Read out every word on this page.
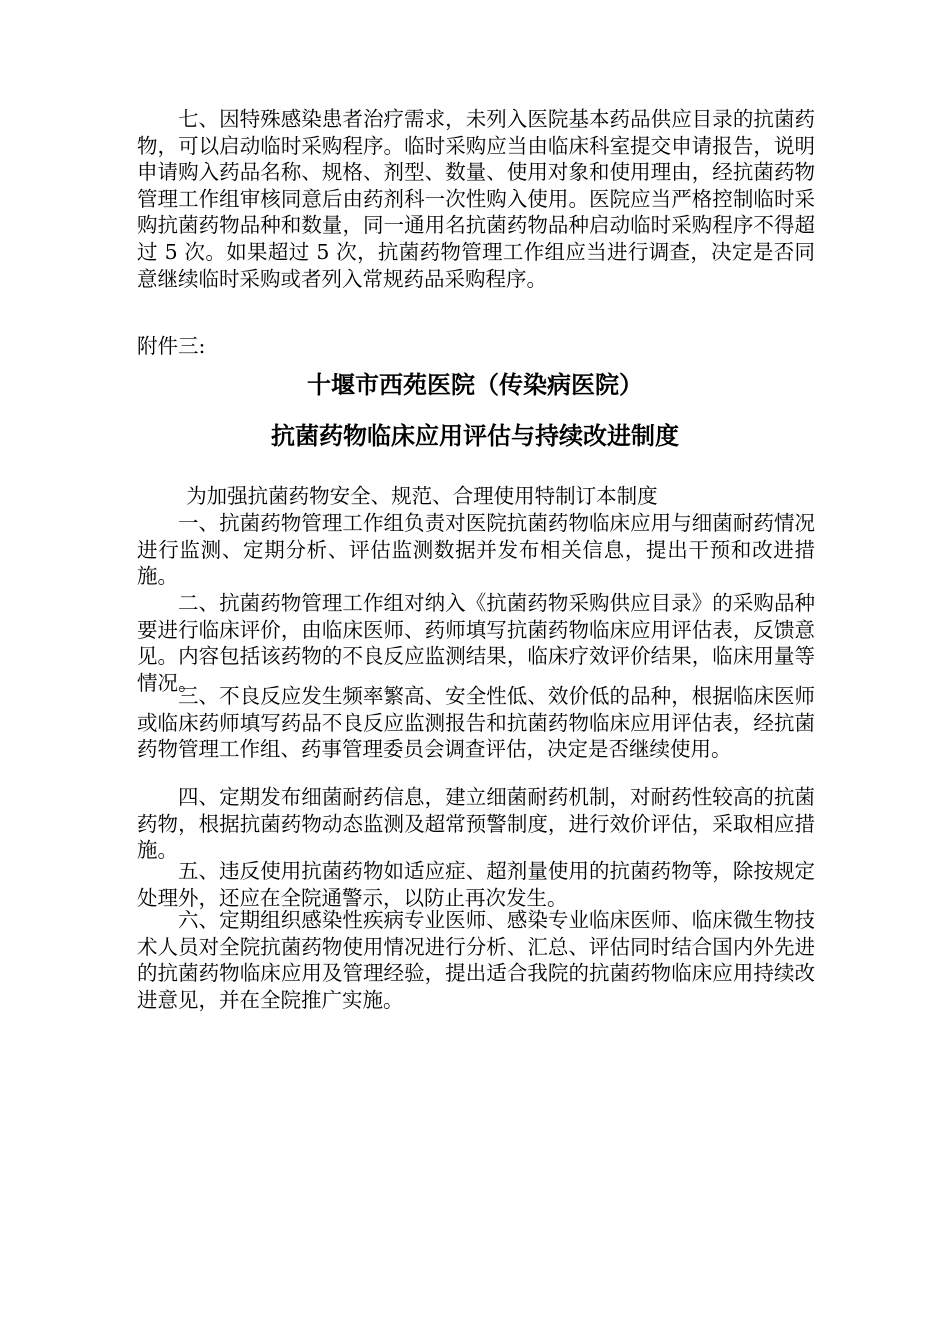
七、因特殊感染患者治疗需求，未列入医院基本药品供应目录的抗菌药物，可以启动临时采购程序。临时采购应当由临床科室提交申请报告，说明申请购入药品名称、规格、剂型、数量、使用对象和使用理由，经抗菌药物管理工作组审核同意后由药剂科一次性购入使用。医院应当严格控制临时采购抗菌药物品种和数量，同一通用名抗菌药物品种启动临时采购程序不得超过 5 次。如果超过 5 次，抗菌药物管理工作组应当进行调查，决定是否同意继续临时采购或者列入常规药品采购程序。

附件三:

十堰市西苑医院（传染病医院）
抗菌药物临床应用评估与持续改进制度

为加强抗菌药物安全、规范、合理使用特制订本制度

一、抗菌药物管理工作组负责对医院抗菌药物临床应用与细菌耐药情况进行监测、定期分析、评估监测数据并发布相关信息，提出干预和改进措施。

二、抗菌药物管理工作组对纳入《抗菌药物采购供应目录》的采购品种要进行临床评价，由临床医师、药师填写抗菌药物临床应用评估表，反馈意见。内容包括该药物的不良反应监测结果，临床疗效评价结果，临床用量等情况。

三、不良反应发生频率繁高、安全性低、效价低的品种，根据临床医师或临床药师填写药品不良反应监测报告和抗菌药物临床应用评估表，经抗菌药物管理工作组、药事管理委员会调查评估，决定是否继续使用。

四、定期发布细菌耐药信息，建立细菌耐药机制，对耐药性较高的抗菌药物，根据抗菌药物动态监测及超常预警制度，进行效价评估，采取相应措施。

五、违反使用抗菌药物如适应症、超剂量使用的抗菌药物等，除按规定处理外，还应在全院通警示，以防止再次发生。

六、定期组织感染性疾病专业医师、感染专业临床医师、临床微生物技术人员对全院抗菌药物使用情况进行分析、汇总、评估同时结合国内外先进的抗菌药物临床应用及管理经验，提出适合我院的抗菌药物临床应用持续改进意见，并在全院推广实施。
